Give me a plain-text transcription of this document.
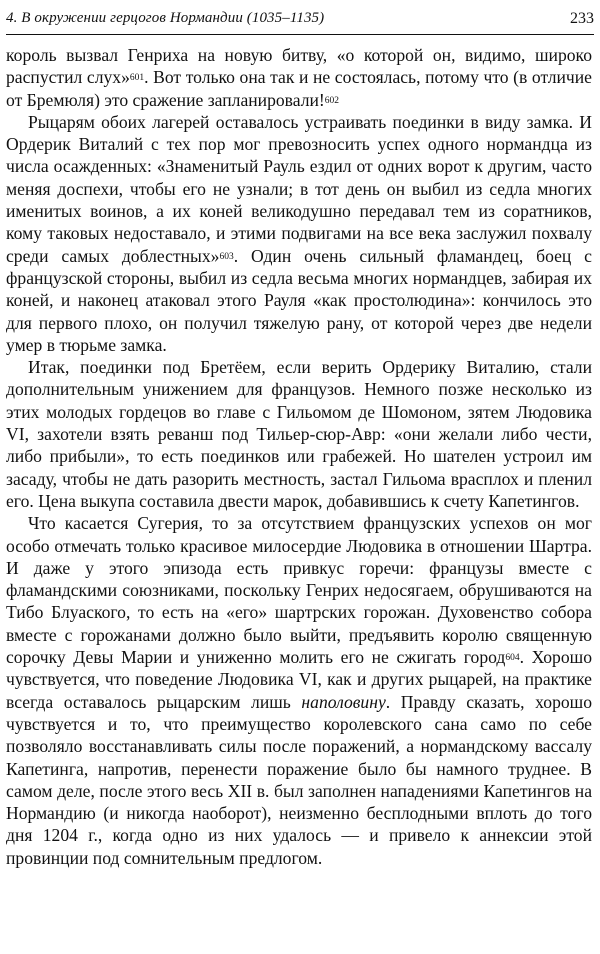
4. В окружении герцогов Нормандии (1035–1135)	233

король вызвал Генриха на новую битву, «о которой он, видимо, широко распустил слух»$^{601}$. Вот только она так и не состоялась, потому что (в отличие от Бремюля) это сражение запланировали!$^{602}$

Рыцарям обоих лагерей оставалось устраивать поединки в виду замка. И Ордерик Виталий с тех пор мог превозносить успех одного нормандца из числа осажденных: «Знаменитый Рауль ездил от одних ворот к другим, часто меняя доспехи, чтобы его не узнали; в тот день он выбил из седла многих именитых воинов, а их коней великодушно передавал тем из соратников, кому таковых недоставало, и этими подвигами на все века заслужил похвалу среди самых доблестных»$^{603}$. Один очень сильный фламандец, боец с французской стороны, выбил из седла весьма многих нормандцев, забирая их коней, и наконец атаковал этого Рауля «как простолюдина»: кончилось это для первого плохо, он получил тяжелую рану, от которой через две недели умер в тюрьме замка.

Итак, поединки под Бретёем, если верить Ордерику Виталию, стали дополнительным унижением для французов. Немного позже несколько из этих молодых гордецов во главе с Гильомом де Шомоном, зятем Людовика VI, захотели взять реванш под Тильер-сюр-Авр: «они желали либо чести, либо прибыли», то есть поединков или грабежей. Но шателен устроил им засаду, чтобы не дать разорить местность, застал Гильома врасплох и пленил его. Цена выкупа составила двести марок, добавившись к счету Капетингов.

Что касается Сугерия, то за отсутствием французских успехов он мог особо отмечать только красивое милосердие Людовика в отношении Шартра. И даже у этого эпизода есть привкус горечи: французы вместе с фламандскими союзниками, поскольку Генрих недосягаем, обрушиваются на Тибо Блуаского, то есть на «его» шартрских горожан. Духовенство собора вместе с горожанами должно было выйти, предъявить королю священную сорочку Девы Марии и униженно молить его не сжигать город$^{604}$. Хорошо чувствуется, что поведение Людовика VI, как и других рыцарей, на практике всегда оставалось рыцарским лишь наполовину. Правду сказать, хорошо чувствуется и то, что преимущество королевского сана само по себе позволяло восстанавливать силы после поражений, а нормандскому вассалу Капетинга, напротив, перенести поражение было бы намного труднее. В самом деле, после этого весь XII в. был заполнен нападениями Капетингов на Нормандию (и никогда наоборот), неизменно бесплодными вплоть до того дня 1204 г., когда одно из них удалось — и привело к аннексии этой провинции под сомнительным предлогом.
